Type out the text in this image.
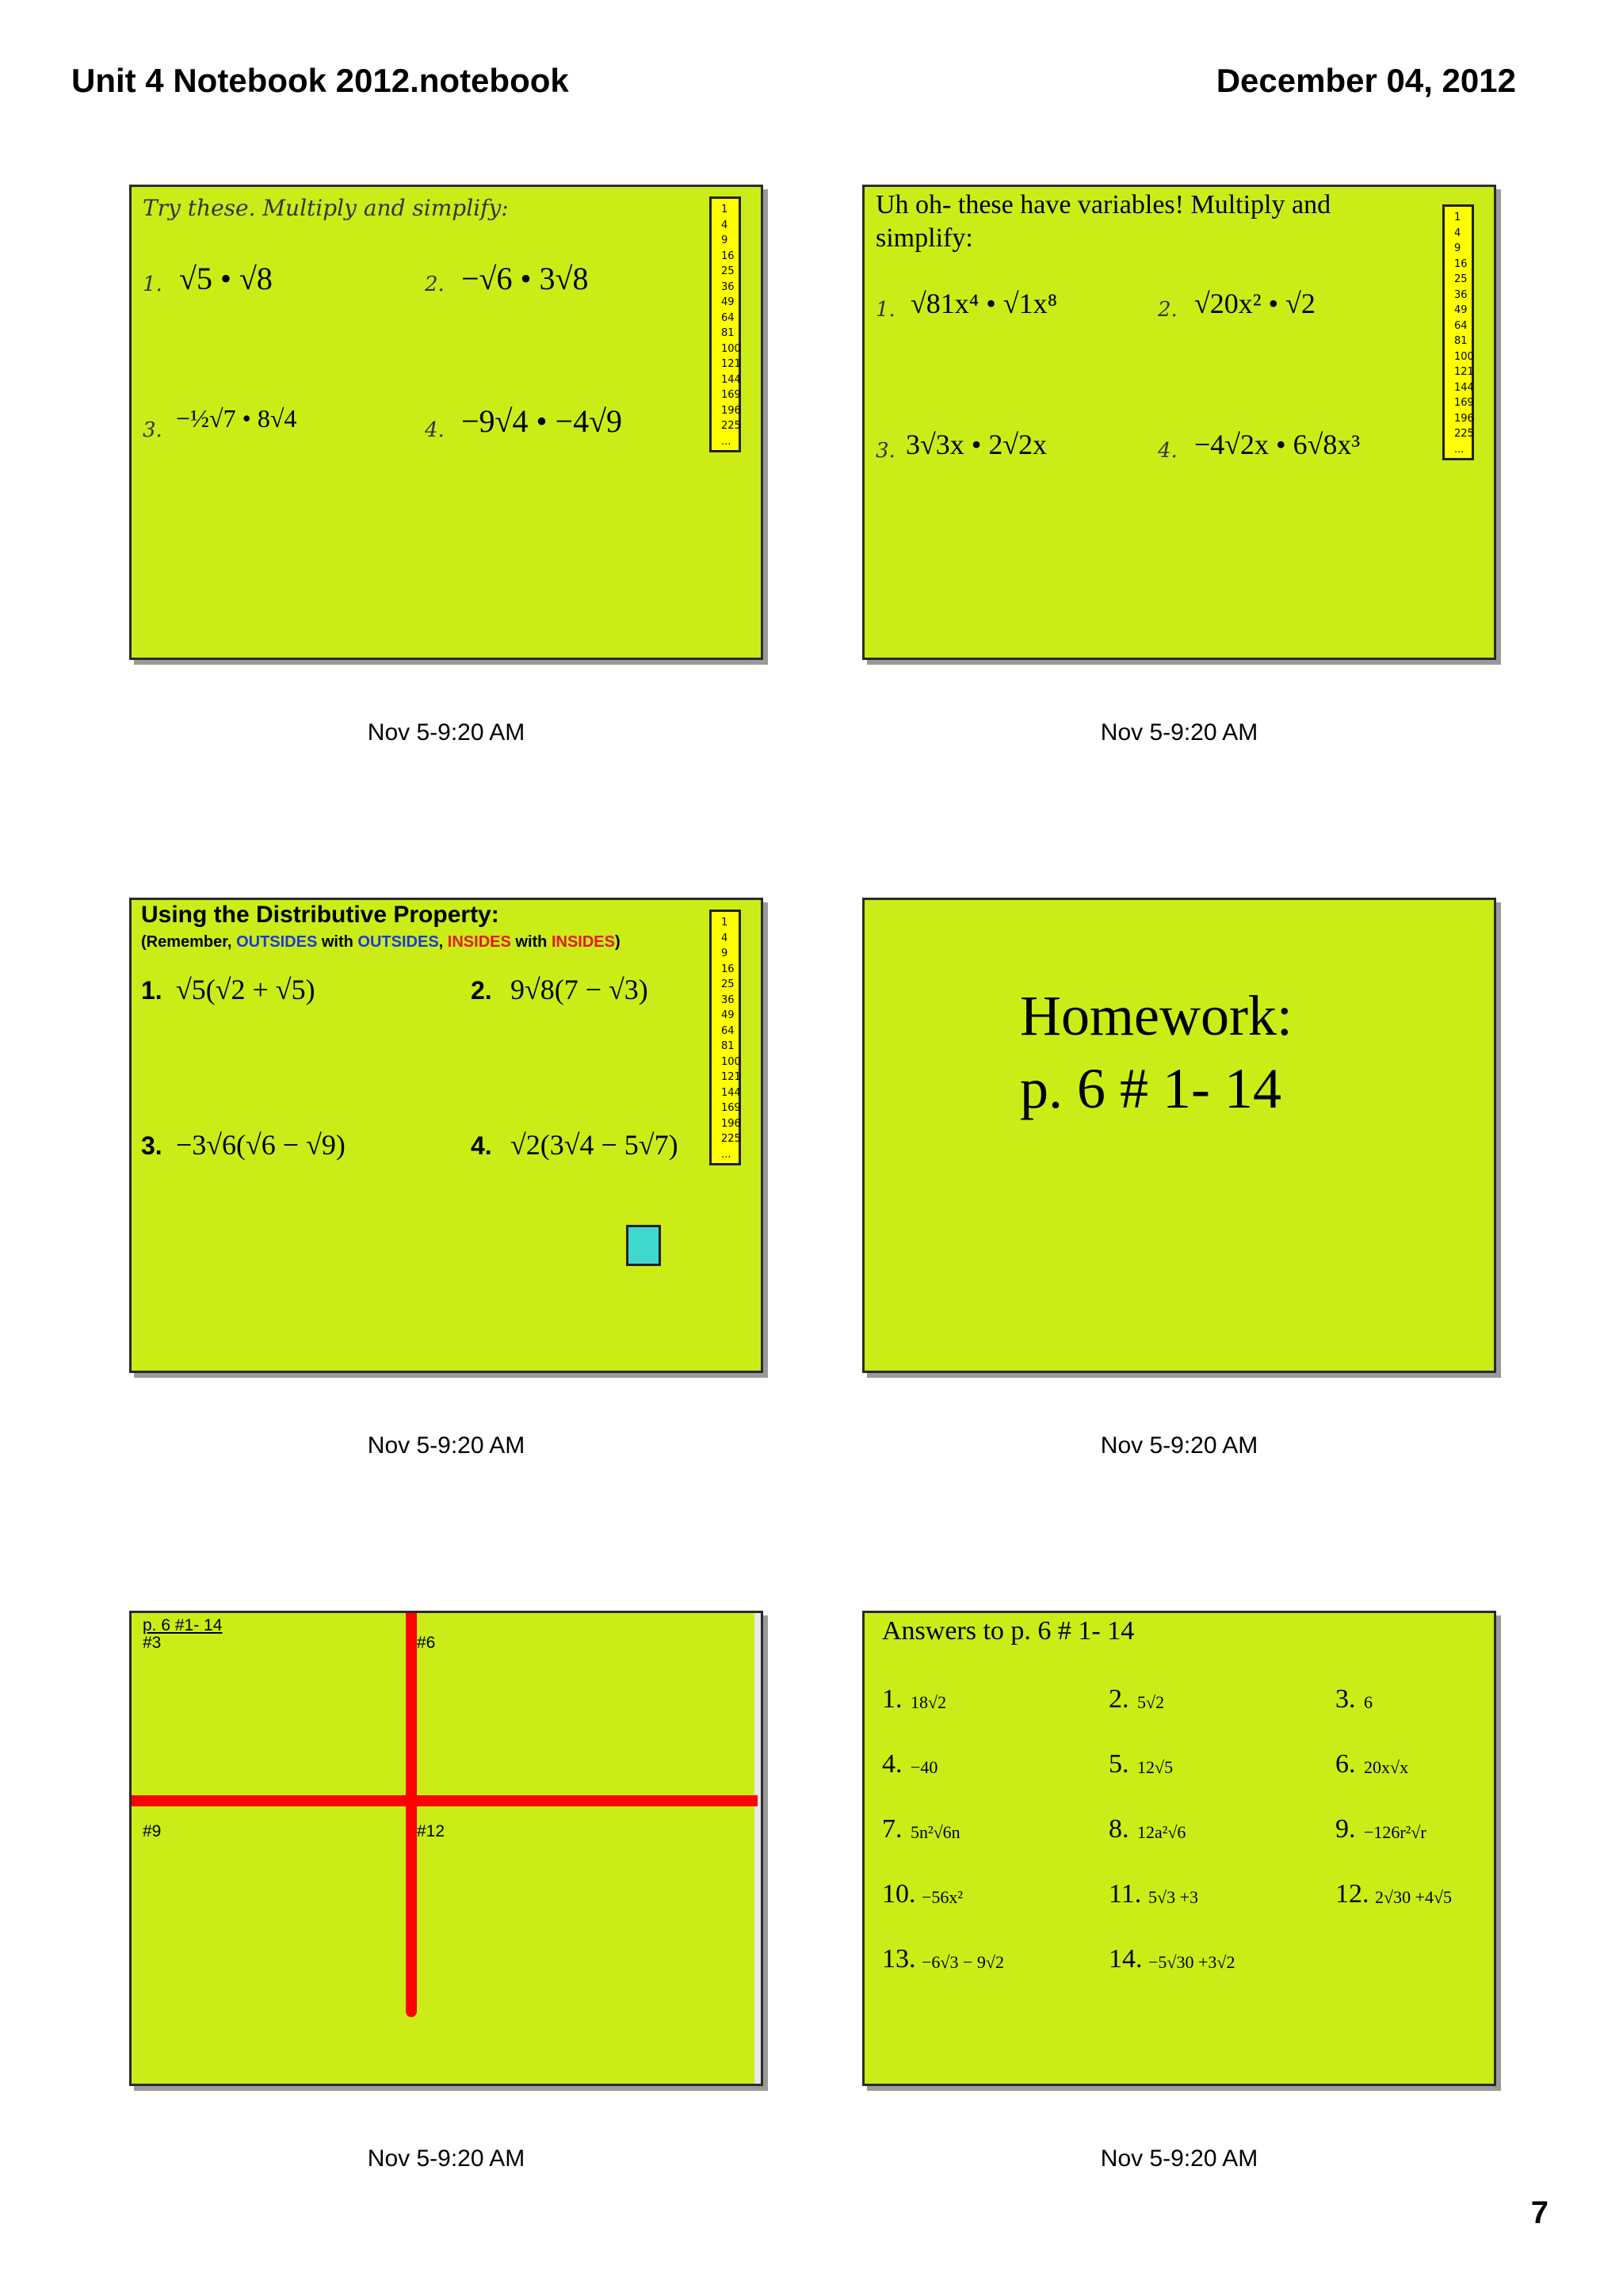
Unit 4 Notebook 2012.notebook	December 04, 2012
Try these. Multiply and simplify:	1
4
9
16
25
36
49
64
81
100
121
144
169
196
225
...
1. √5 • √8	2. −√6 • 3√8
3. −½√7 • 8√4	4. −9√4 • −4√9
Nov 5-9:20 AM
Uh oh- these have variables! Multiply and simplify:
1
4
9
16
25
36
49
64
81
100
121
144
169
196
225
...
1. √81x⁴ • √1x⁸	2. √20x² • √2
3. 3√3x • 2√2x	4. −4√2x • 6√8x³
Nov 5-9:20 AM
Using the Distributive Property:
(Remember, OUTSIDES with OUTSIDES, INSIDES with INSIDES)
1
4
9
16
25
36
49
64
81
100
121
144
169
196
225
...
1. √5(√2 + √5)	2. 9√8(7 − √3)
3. −3√6(√6 − √9)	4. √2(3√4 − 5√7)
Nov 5-9:20 AM
Homework:
p. 6 # 1- 14
Nov 5-9:20 AM
p. 6 #1- 14
#3	#6
#9	#12
Nov 5-9:20 AM
Answers to p. 6 # 1- 14
1. 18√2	2. 5√2	3. 6
4. −40	5. 12√5	6. 20x√x
7. 5n²√6n	8. 12a²√6	9. −126r²√r
10. −56x²	11. 5√3 +3	12. 2√30 +4√5
13. −6√3 − 9√2	14. −5√30 +3√2
Nov 5-9:20 AM
7
